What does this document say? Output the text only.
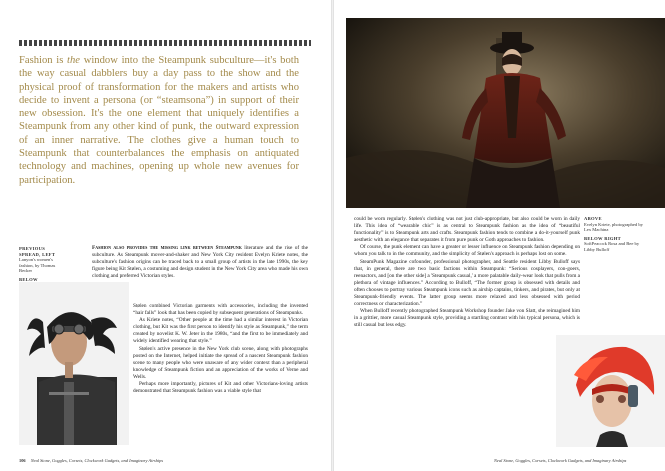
Fashion is the window into the Steampunk subculture—it's both the way casual dabblers buy a day pass to the show and the physical proof of transformation for the makers and artists who decide to invent a persona (or “steamsona”) in support of their new obsession. It's the one element that uniquely identifies a Steampunk from any other kind of punk, the outward expression of an inner narrative. The clothes give a human touch to Steampunk that counterbalances the emphasis on antiquated technology and machines, opening up whole new avenues for participation.

PREVIOUS SPREAD, LEFT
Lanyon's women's fashion, by Thomas Becker
BELOW

Fashion also provides the missing link between Steampunk literature and the rise of the subculture. As Steampunk mover-and-shaker and New York City resident Evelyn Kriete notes, the subculture's fashion origins can be traced back to a small group of artists in the late 1990s, the key figure being Kit Stølen, a costuming and design student in the New York City area who made his own clothing and preferred Victorian styles.

Stølen combined Victorian garments with accessories, including the invented “hair falls” look that has been copied by subsequent generations of Steampunks.

As Kriete notes, “Other people at the time had a similar interest in Victorian clothing, but Kit was the first person to identify his style as Steampunk,” the term created by novelist K. W. Jeter in the 1980s, “and the first to be immediately and widely identified wearing that style.”

Stølen's active presence in the New York club scene, along with photographs posted on the Internet, helped initiate the spread of a nascent Steampunk fashion scene to many people who were unaware of any wider context than a peripheral knowledge of Steampunk fiction and an appreciation of the works of Verne and Wells.

Perhaps more importantly, pictures of Kit and other Victorians-loving artists demonstrated that Steampunk fashion was a viable style that

106 Neal Stone, Goggles, Corsets, Clockwork Gadgets, and Imaginary Airships

could be worn regularly. Stølen's clothing was not just club-appropriate, but also could be worn in daily life. This idea of “wearable chic” is as central to Steampunk fashion as the idea of “beautiful functionality” is to Steampunk arts and crafts. Steampunk fashion tends to combine a do-it-yourself punk aesthetic with an elegance that separates it from pure punk or Goth approaches to fashion.

Of course, the punk element can have a greater or lesser influence on Steampunk fashion depending on whom you talk to in the community, and the simplicity of Stølen's approach is perhaps lost on some.

SteamPunk Magazine cofounder, professional photographer, and Seattle resident Libby Bulloff says that, in general, there are two basic factions within Steampunk: “Serious cosplayers, con-goers, reenactors, and [on the other side] a 'Steampunk casual,' a more palatable daily-wear look that pulls from a plethora of vintage influences.” According to Bulloff, “The former group is obsessed with details and often chooses to portray various Steampunk icons such as airship captains, tinkers, and pirates, but only at Steampunk-friendly events. The latter group seems more relaxed and less obsessed with period correctness or characterization.”

When Bulloff recently photographed Steampunk Workshop founder Jake von Slatt, she reimagined him in a grittier, more casual Steampunk style, providing a startling contrast with his typical persona, which is still casual but less edgy.

ABOVE
Evelyn Kriete, photographed by Lex Machina
BELOW RIGHT
SoftPeacock Rosa and Bee by Libby Bulloff
Neal Stone, Goggles, Corsets, Clockwork Gadgets, and Imaginary Airships
